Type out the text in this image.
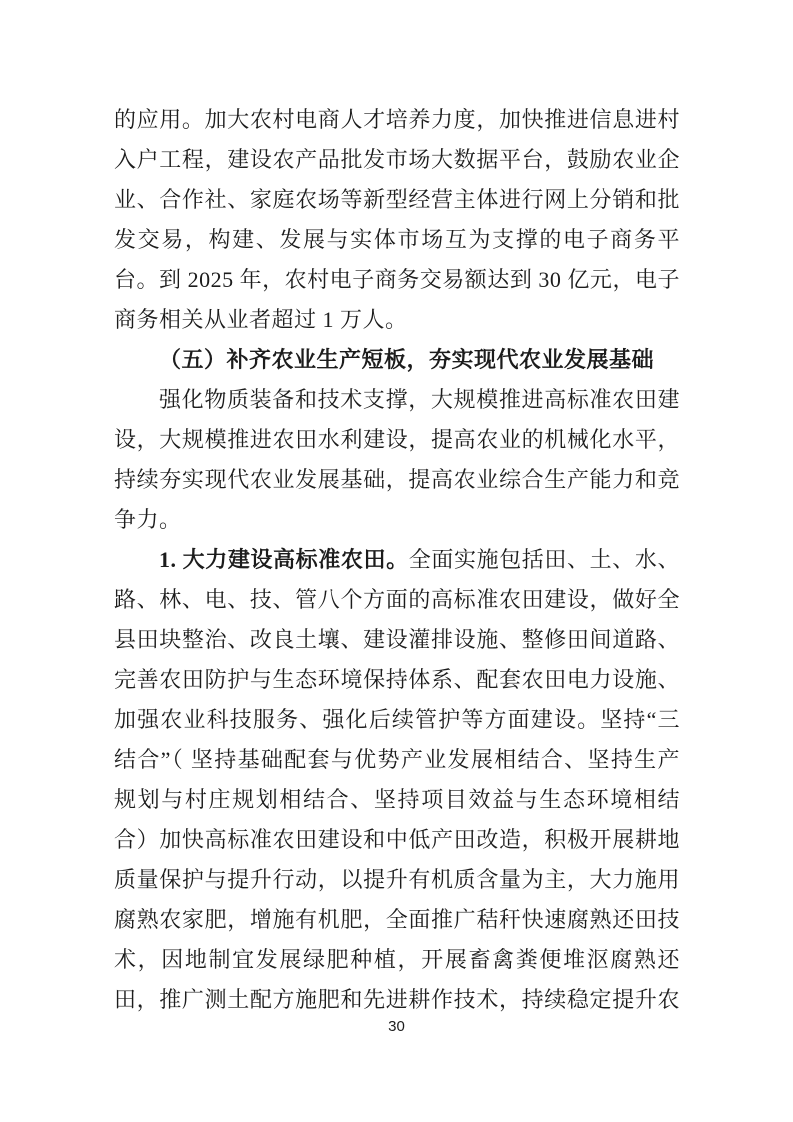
的应用。加大农村电商人才培养力度，加快推进信息进村
入户工程，建设农产品批发市场大数据平台，鼓励农业企
业、合作社、家庭农场等新型经营主体进行网上分销和批
发交易，构建、发展与实体市场互为支撑的电子商务平
台。到 2025 年，农村电子商务交易额达到 30 亿元，电子
商务相关从业者超过 1 万人。
（五）补齐农业生产短板，夯实现代农业发展基础
强化物质装备和技术支撑，大规模推进高标准农田建
设，大规模推进农田水利建设，提高农业的机械化水平，
持续夯实现代农业发展基础，提高农业综合生产能力和竞
争力。
1. 大力建设高标准农田。全面实施包括田、土、水、
路、林、电、技、管八个方面的高标准农田建设，做好全
县田块整治、改良土壤、建设灌排设施、整修田间道路、
完善农田防护与生态环境保持体系、配套农田电力设施、
加强农业科技服务、强化后续管护等方面建设。坚持“三
结合”（ 坚持基础配套与优势产业发展相结合、坚持生产
规划与村庄规划相结合、坚持项目效益与生态环境相结
合）加快高标准农田建设和中低产田改造，积极开展耕地
质量保护与提升行动，以提升有机质含量为主，大力施用
腐熟农家肥，增施有机肥，全面推广秸秆快速腐熟还田技
术，因地制宜发展绿肥种植，开展畜禽粪便堆沤腐熟还
田，推广测土配方施肥和先进耕作技术，持续稳定提升农
30
